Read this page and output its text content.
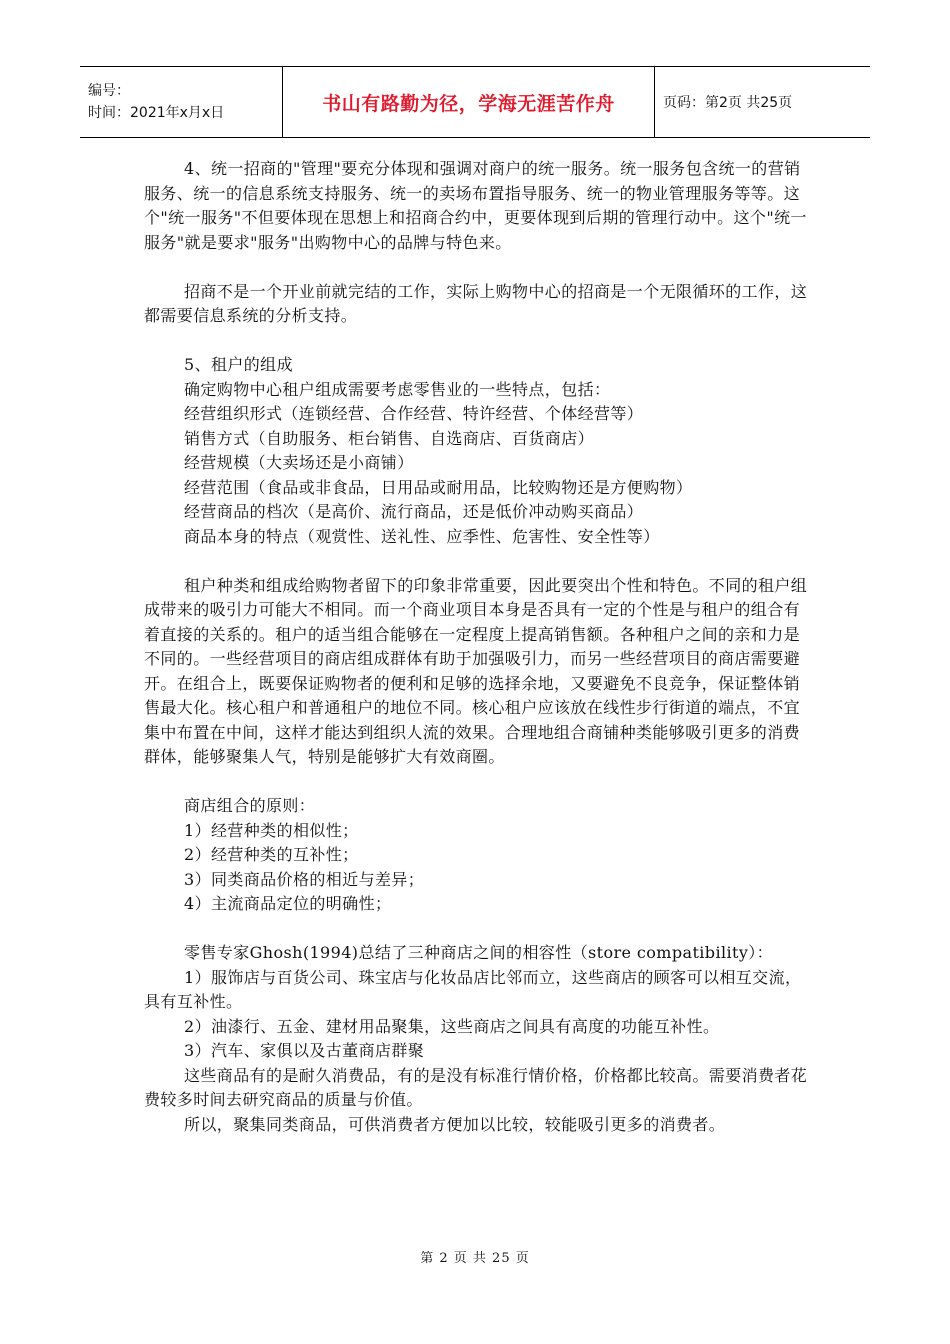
编号：
时间：2021年x月x日	书山有路勤为径，学海无涯苦作舟	页码：第2页 共25页

4、统一招商的"管理"要充分体现和强调对商户的统一服务。统一服务包含统一的营销服务、统一的信息系统支持服务、统一的卖场布置指导服务、统一的物业管理服务等等。这个"统一服务"不但要体现在思想上和招商合约中，更要体现到后期的管理行动中。这个"统一服务"就是要求"服务"出购物中心的品牌与特色来。

招商不是一个开业前就完结的工作，实际上购物中心的招商是一个无限循环的工作，这都需要信息系统的分析支持。

5、租户的组成

确定购物中心租户组成需要考虑零售业的一些特点，包括：

经营组织形式（连锁经营、合作经营、特许经营、个体经营等）

销售方式（自助服务、柜台销售、自选商店、百货商店）

经营规模（大卖场还是小商铺）

经营范围（食品或非食品，日用品或耐用品，比较购物还是方便购物）

经营商品的档次（是高价、流行商品，还是低价冲动购买商品）

商品本身的特点（观赏性、送礼性、应季性、危害性、安全性等）

租户种类和组成给购物者留下的印象非常重要，因此要突出个性和特色。不同的租户组成带来的吸引力可能大不相同。而一个商业项目本身是否具有一定的个性是与租户的组合有着直接的关系的。租户的适当组合能够在一定程度上提高销售额。各种租户之间的亲和力是不同的。一些经营项目的商店组成群体有助于加强吸引力，而另一些经营项目的商店需要避开。在组合上，既要保证购物者的便利和足够的选择余地，又要避免不良竞争，保证整体销售最大化。核心租户和普通租户的地位不同。核心租户应该放在线性步行街道的端点，不宜集中布置在中间，这样才能达到组织人流的效果。合理地组合商铺种类能够吸引更多的消费群体，能够聚集人气，特别是能够扩大有效商圈。

商店组合的原则：

1）经营种类的相似性；

2）经营种类的互补性；

3）同类商品价格的相近与差异；

4）主流商品定位的明确性；

零售专家Ghosh(1994)总结了三种商店之间的相容性（store compatibility）：

1）服饰店与百货公司、珠宝店与化妆品店比邻而立，这些商店的顾客可以相互交流，具有互补性。

2）油漆行、五金、建材用品聚集，这些商店之间具有高度的功能互补性。

3）汽车、家俱以及古董商店群聚

这些商品有的是耐久消费品，有的是没有标准行情价格，价格都比较高。需要消费者花费较多时间去研究商品的质量与价值。

所以，聚集同类商品，可供消费者方便加以比较，较能吸引更多的消费者。

第 2 页 共 25 页
